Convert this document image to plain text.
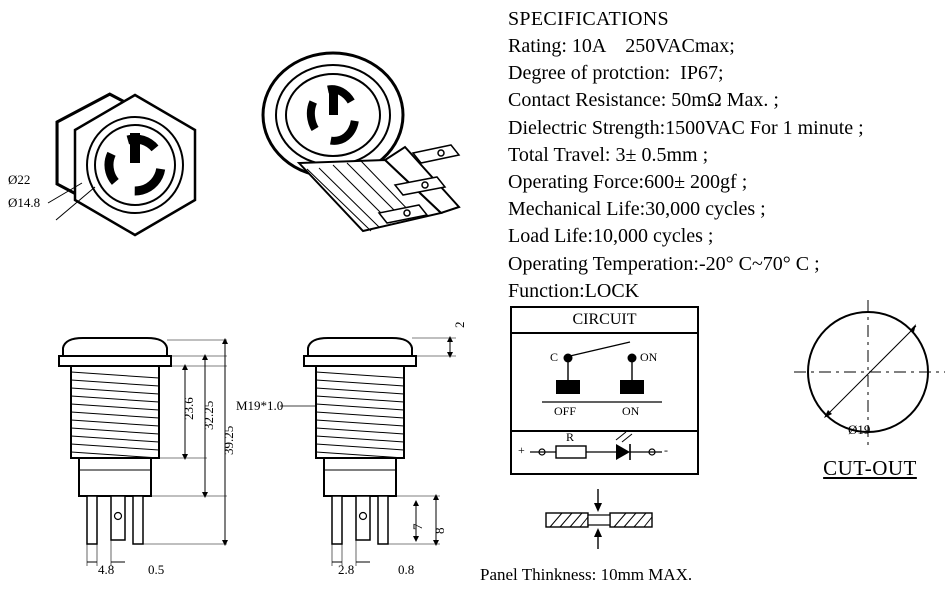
Ø22
Ø14.8
23.6 32.25
39.25
4.8	0.5
M19*1.0
2
7
8
2.8	0.8
SPECIFICATIONS
Rating: 10A    250VACmax;
Degree of protction:  IP67;
Contact Resistance: 50mΩ Max. ;
Dielectric Strength:1500VAC For 1 minute ;
Total Travel: 3± 0.5mm ;
Operating Force:600± 200gf ;
Mechanical Life:30,000 cycles ;
Load Life:10,000 cycles ;
Operating Temperation:-20° C~70° C ;
Function:LOCK
CIRCUIT
C	ON
OFF	ON
+	-
R	Ø19
CUT-OUT
Panel Thinkness: 10mm MAX.
